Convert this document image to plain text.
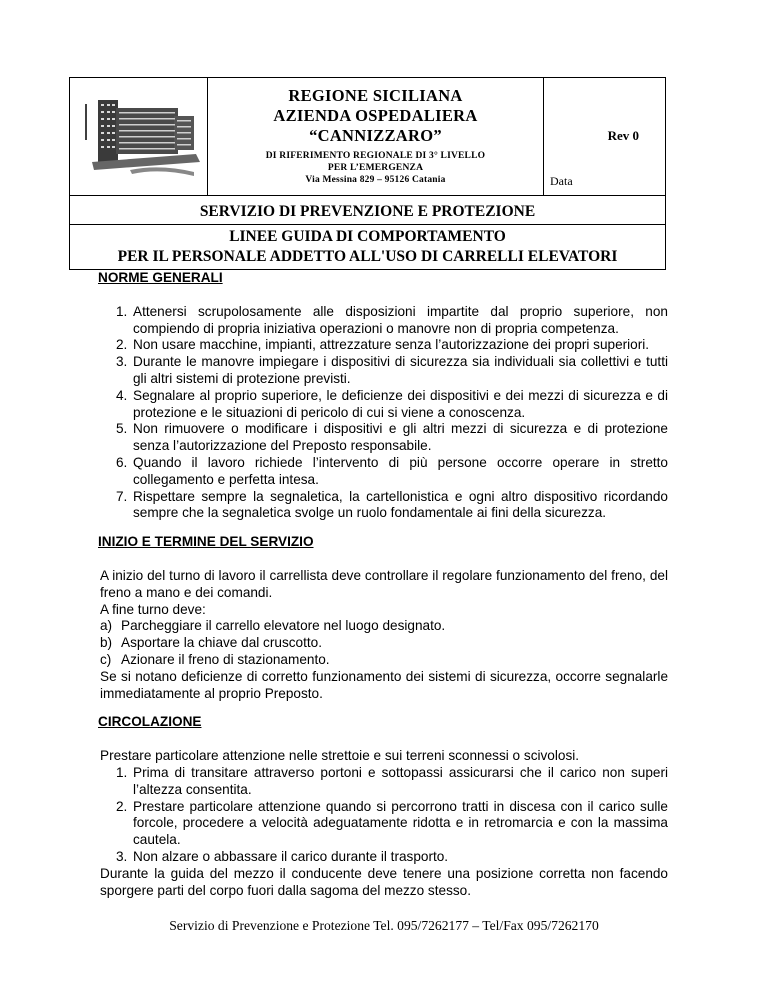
REGIONE SICILIANA
AZIENDA OSPEDALIERA
“CANNIZZARO”
DI RIFERIMENTO REGIONALE DI 3° LIVELLO
PER L’EMERGENZA
Via Messina 829 – 95126 Catania
Rev 0
Data
SERVIZIO DI PREVENZIONE E PROTEZIONE
LINEE GUIDA DI COMPORTAMENTO
PER IL PERSONALE ADDETTO ALL'USO DI CARRELLI ELEVATORI
NORME GENERALI
1. Attenersi scrupolosamente alle disposizioni impartite dal proprio superiore, non compiendo di propria iniziativa operazioni o manovre non di propria competenza.
2. Non usare macchine, impianti, attrezzature senza l’autorizzazione dei propri superiori.
3. Durante le manovre impiegare i dispositivi di sicurezza sia individuali sia collettivi e tutti gli altri sistemi di protezione previsti.
4. Segnalare al proprio superiore, le deficienze dei dispositivi e dei mezzi di sicurezza e di protezione e le situazioni di pericolo di cui si viene a conoscenza.
5. Non rimuovere o modificare i dispositivi e gli altri mezzi di sicurezza e di protezione senza l’autorizzazione del Preposto responsabile.
6. Quando il lavoro richiede l’intervento di più persone occorre operare in stretto collegamento e perfetta intesa.
7. Rispettare sempre la segnaletica, la cartellonistica e ogni altro dispositivo ricordando sempre che la segnaletica svolge un ruolo fondamentale ai fini della sicurezza.
INIZIO E TERMINE DEL SERVIZIO
A inizio del turno di lavoro il carrellista deve controllare il regolare funzionamento del freno, del freno a mano e dei comandi.
A fine turno deve:
a) Parcheggiare il carrello elevatore nel luogo designato.
b) Asportare la chiave dal cruscotto.
c) Azionare il freno di stazionamento.
Se si notano deficienze di corretto funzionamento dei sistemi di sicurezza, occorre segnalarle immediatamente al proprio Preposto.
CIRCOLAZIONE
Prestare particolare attenzione nelle strettoie e sui terreni sconnessi o scivolosi.
1. Prima di transitare attraverso portoni e sottopassi assicurarsi che il carico non superi l’altezza consentita.
2. Prestare particolare attenzione quando si percorrono tratti in discesa con il carico sulle forcole, procedere a velocità adeguatamente ridotta e in retromarcia e con la massima cautela.
3. Non alzare o abbassare il carico durante il trasporto.
Durante la guida del mezzo il conducente deve tenere una posizione corretta non facendo sporgere parti del corpo fuori dalla sagoma del mezzo stesso.
Servizio di Prevenzione e Protezione Tel. 095/7262177 – Tel/Fax 095/7262170
